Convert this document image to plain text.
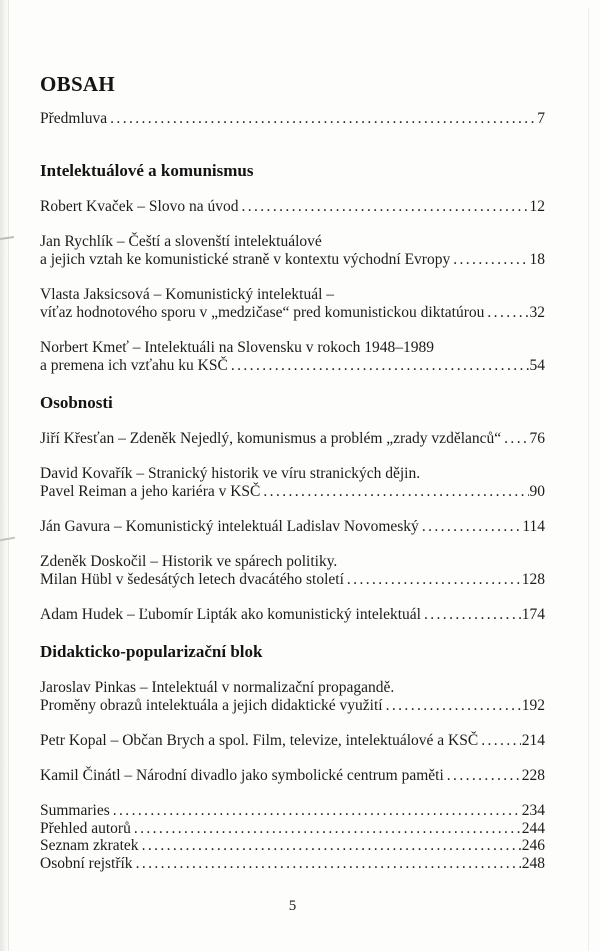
OBSAH
Předmluva .....	7
Intelektuálové a komunismus
Robert Kvaček – Slovo na úvod .....	12
Jan Rychlík – Čeští a slovenští intelektuálové
a jejich vztah ke komunistické straně v kontextu východní Evropy .....	18
Vlasta Jaksicsová – Komunistický intelektuál –
víťaz hodnotového sporu v „medzičase“ pred komunistickou diktatúrou .....	32
Norbert Kmeť – Intelektuáli na Slovensku v rokoch 1948–1989
a premena ich vzťahu ku KSČ .....	54
Osobnosti
Jiří Křesťan – Zdeněk Nejedlý, komunismus a problém „zrady vzdělanců“ ..... 76
David Kovařík – Stranický historik ve víru stranických dějin.
Pavel Reiman a jeho kariéra v KSČ .....	90
Ján Gavura – Komunistický intelektuál Ladislav Novomeský .....	114
Zdeněk Doskočil – Historik ve spárech politiky.
Milan Hübl v šedesátých letech dvacátého století .....	128
Adam Hudek – Ľubomír Lipták ako komunistický intelektuál .....	174
Didakticko-popularizační blok
Jaroslav Pinkas – Intelektuál v normalizační propagandě.
Proměny obrazů intelektuála a jejich didaktické využití .....	192
Petr Kopal – Občan Brych a spol. Film, televize, intelektuálové a KSČ .....	214
Kamil Činátl – Národní divadlo jako symbolické centrum paměti .....	228
Summaries .....	234
Přehled autorů .....	244
Seznam zkratek .....	246
Osobní rejstřík .....	248
5
